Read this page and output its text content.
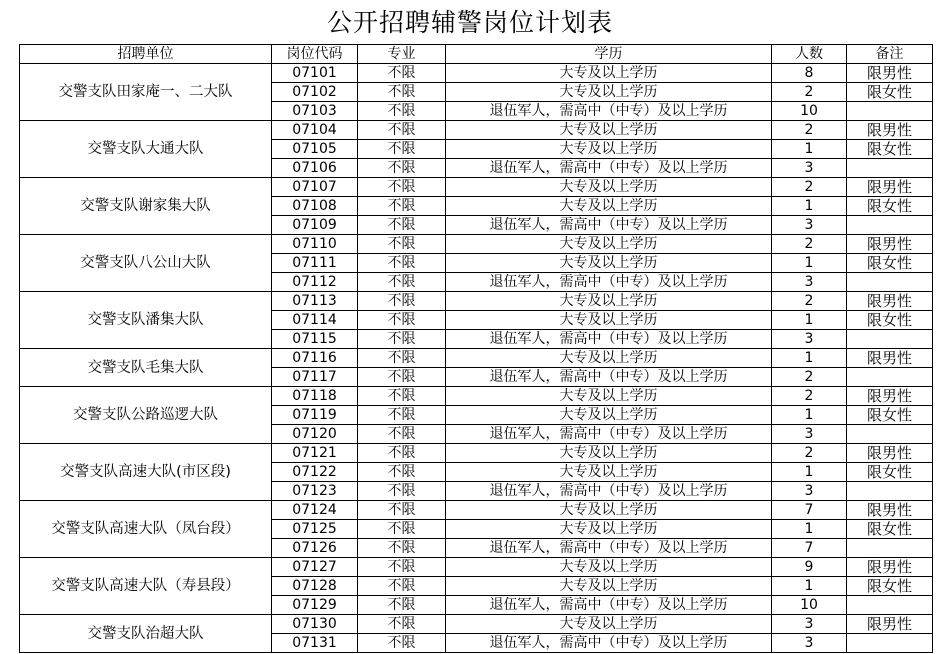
公开招聘辅警岗位计划表
招聘单位	岗位代码	专业	学历	人数	备注
交警支队田家庵一、二大队	07101	不限	大专及以上学历	8	限男性
	07102	不限	大专及以上学历	2	限女性
	07103	不限	退伍军人，需高中（中专）及以上学历	10	
交警支队大通大队	07104	不限	大专及以上学历	2	限男性
	07105	不限	大专及以上学历	1	限女性
	07106	不限	退伍军人，需高中（中专）及以上学历	3	
交警支队谢家集大队	07107	不限	大专及以上学历	2	限男性
	07108	不限	大专及以上学历	1	限女性
	07109	不限	退伍军人，需高中（中专）及以上学历	3	
交警支队八公山大队	07110	不限	大专及以上学历	2	限男性
	07111	不限	大专及以上学历	1	限女性
	07112	不限	退伍军人，需高中（中专）及以上学历	3	
交警支队潘集大队	07113	不限	大专及以上学历	2	限男性
	07114	不限	大专及以上学历	1	限女性
	07115	不限	退伍军人，需高中（中专）及以上学历	3	
交警支队毛集大队	07116	不限	大专及以上学历	1	限男性
	07117	不限	退伍军人，需高中（中专）及以上学历	2	
交警支队公路巡逻大队	07118	不限	大专及以上学历	2	限男性
	07119	不限	大专及以上学历	1	限女性
	07120	不限	退伍军人，需高中（中专）及以上学历	3	
交警支队高速大队(市区段)	07121	不限	大专及以上学历	2	限男性
	07122	不限	大专及以上学历	1	限女性
	07123	不限	退伍军人，需高中（中专）及以上学历	3	
交警支队高速大队（凤台段）	07124	不限	大专及以上学历	7	限男性
	07125	不限	大专及以上学历	1	限女性
	07126	不限	退伍军人，需高中（中专）及以上学历	7	
交警支队高速大队（寿县段）	07127	不限	大专及以上学历	9	限男性
	07128	不限	大专及以上学历	1	限女性
	07129	不限	退伍军人，需高中（中专）及以上学历	10	
交警支队治超大队	07130	不限	大专及以上学历	3	限男性
	07131	不限	退伍军人，需高中（中专）及以上学历	3	
